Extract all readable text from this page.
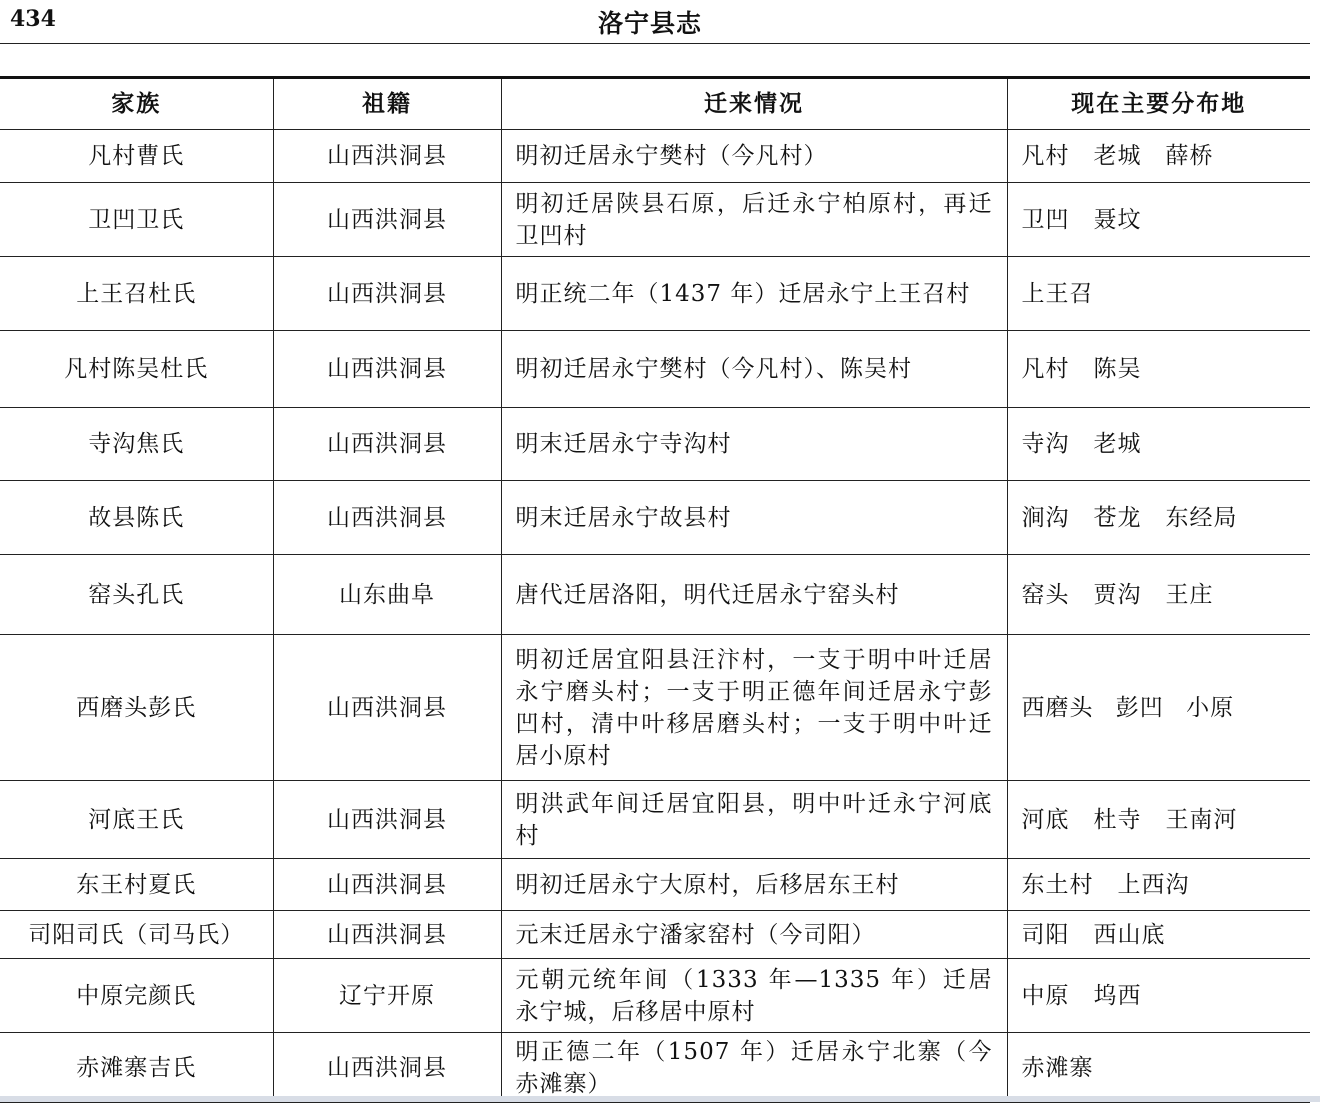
434	洛宁县志
家族	祖籍	迁来情况	现在主要分布地
凡村曹氏	山西洪洞县	明初迁居永宁樊村（今凡村）	凡村　老城　薛桥
卫凹卫氏	山西洪洞县	明初迁居陕县石原，后迁永宁柏原村，再迁卫凹村	卫凹　聂坟
上王召杜氏	山西洪洞县	明正统二年（1437 年）迁居永宁上王召村	上王召
凡村陈吴杜氏	山西洪洞县	明初迁居永宁樊村（今凡村）、陈吴村	凡村　陈吴
寺沟焦氏	山西洪洞县	明末迁居永宁寺沟村	寺沟　老城
故县陈氏	山西洪洞县	明末迁居永宁故县村	涧沟　苍龙　东经局
窑头孔氏	山东曲阜	唐代迁居洛阳，明代迁居永宁窑头村	窑头　贾沟　王庄
西磨头彭氏	山西洪洞县	明初迁居宜阳县汪汴村，一支于明中叶迁居永宁磨头村；一支于明正德年间迁居永宁彭凹村，清中叶移居磨头村；一支于明中叶迁居小原村	西磨头 彭凹 小原
河底王氏	山西洪洞县	明洪武年间迁居宜阳县，明中叶迁永宁河底村	河底　杜寺　王南河
东王村夏氏	山西洪洞县	明初迁居永宁大原村，后移居东王村	东土村　上西沟
司阳司氏（司马氏）	山西洪洞县	元末迁居永宁潘家窑村（今司阳）	司阳　西山底
中原完颜氏	辽宁开原	元朝元统年间（1333 年—1335 年）迁居永宁城，后移居中原村	中原　坞西
赤滩寨吉氏	山西洪洞县	明正德二年（1507 年）迁居永宁北寨（今赤滩寨）	赤滩寨
